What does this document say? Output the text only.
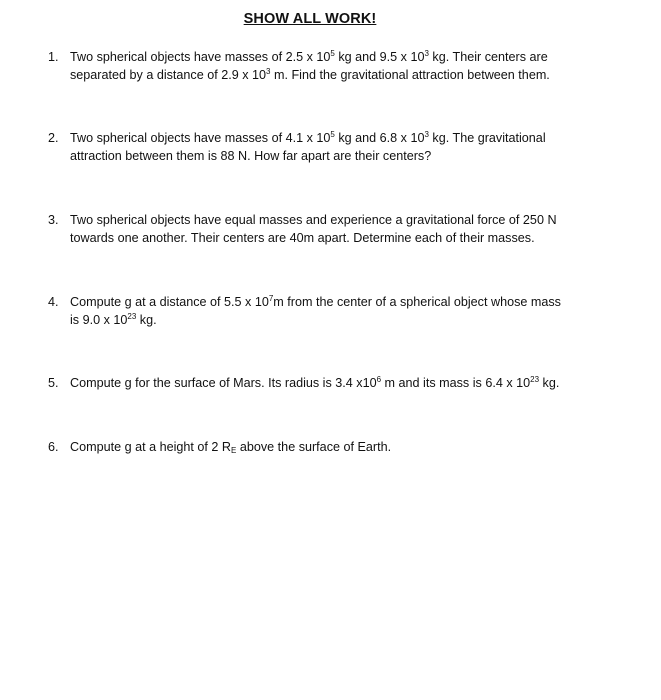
SHOW ALL WORK!
1. Two spherical objects have masses of 2.5 x $10^5$ kg and 9.5 x $10^3$ kg. Their centers are
separated by a distance of 2.9 x $10^3$ m. Find the gravitational attraction between them.
2. Two spherical objects have masses of 4.1 x $10^5$ kg and 6.8 x $10^3$ kg. The gravitational
attraction between them is 88 N. How far apart are their centers?
3. Two spherical objects have equal masses and experience a gravitational force of 250 N
towards one another. Their centers are 40m apart. Determine each of their masses.
4. Compute g at a distance of 5.5 x $10^7m$ from the center of a spherical object whose mass
is 9.0 x $10^{23}$ kg.
5. Compute g for the surface of Mars. Its radius is 3.4 $x10^6$ m and its mass is 6.4 x $10^{23}$ kg.
6. Compute g at a height of 2 $R_E$ above the surface of Earth.
